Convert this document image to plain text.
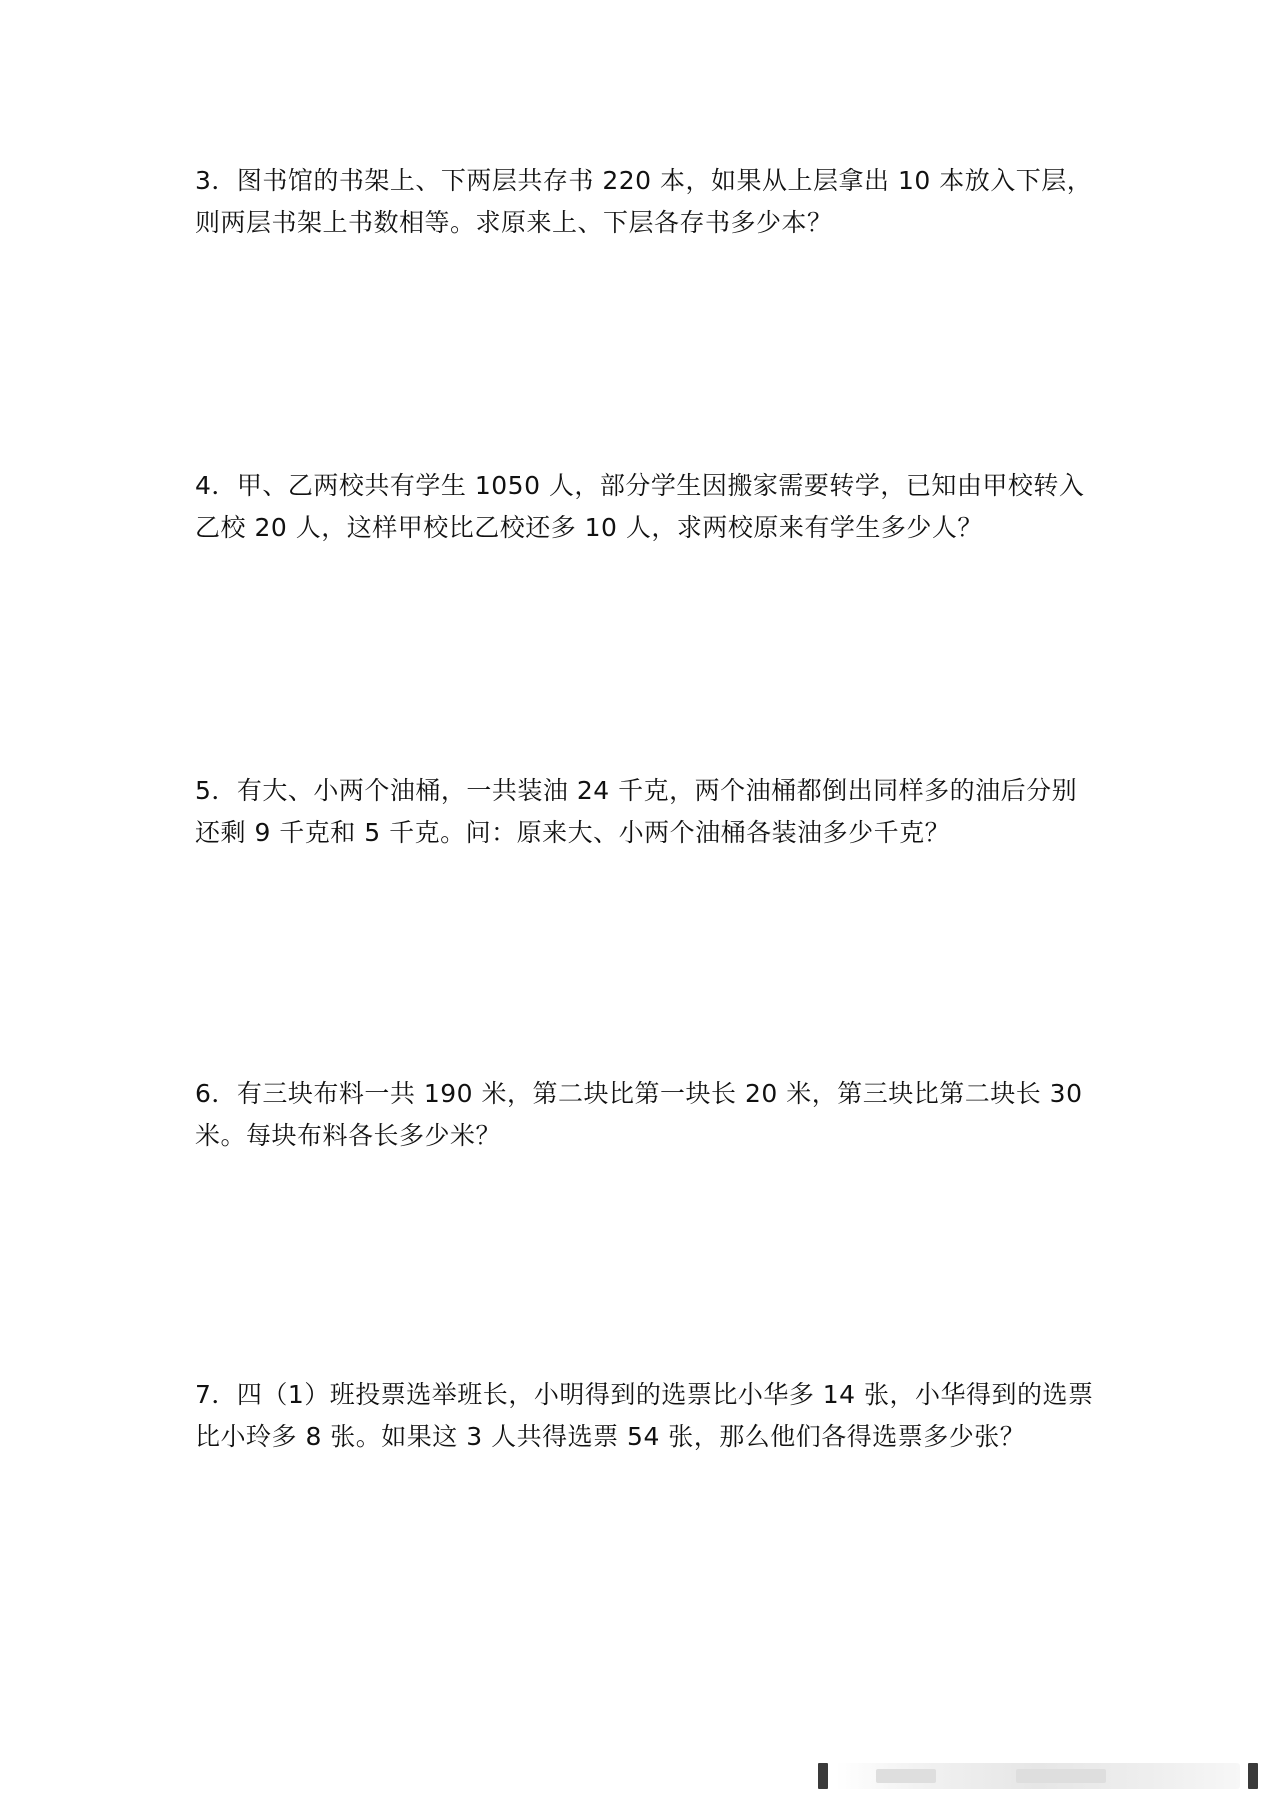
3．图书馆的书架上、下两层共存书 220 本，如果从上层拿出 10 本放入下层，
则两层书架上书数相等。求原来上、下层各存书多少本？
4．甲、乙两校共有学生 1050 人，部分学生因搬家需要转学，已知由甲校转入
乙校 20 人，这样甲校比乙校还多 10 人，求两校原来有学生多少人？
5．有大、小两个油桶，一共装油 24 千克，两个油桶都倒出同样多的油后分别
还剩 9 千克和 5 千克。问：原来大、小两个油桶各装油多少千克？
6．有三块布料一共 190 米，第二块比第一块长 20 米，第三块比第二块长 30
米。每块布料各长多少米？
7．四（1）班投票选举班长，小明得到的选票比小华多 14 张，小华得到的选票
比小玲多 8 张。如果这 3 人共得选票 54 张，那么他们各得选票多少张？
